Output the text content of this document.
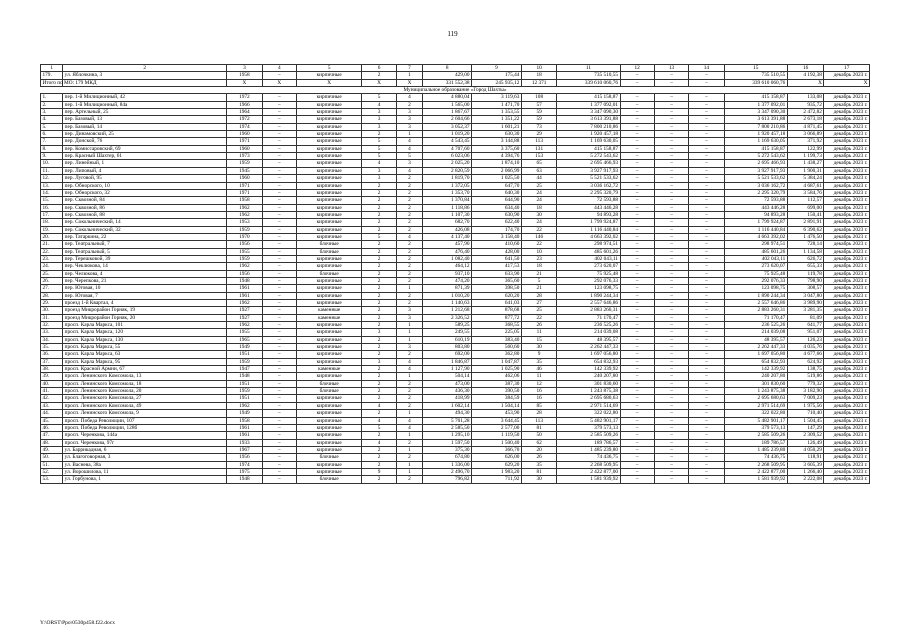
119
1	2	3	4	5	6	7	8	9	10	11	12	13	14	15	16	17
179.	ул. Яблочкина, 3	1958	–	кирпичные	2	1	429,00	175,44	18	735 510,55	–	–	–	735 510,55	4 192,38	декабрь 2023 г.
Итого по МО: 179 МКД		X	X	X	X	X	331 552,38	245 935,12	12 371	339 610 060,76	–	–	–	339 610 060,76	X	X
Муниципальное образование «Город Шахты»																
1.	пер. 1-й Милиционный, 42	1972	–	кирпичные	5	4	4 880,04	3 119,63	108	415 158,87	–	–	–	415 158,87	133,08	декабрь 2023 г.
2.	пер. 1-й Милиционный, 84а	1966	–	кирпичные	4	2	1 565,00	1 471,70	57	1 377 092,01	–	–	–	1 377 092,01	935,72	декабрь 2023 г.
3.	пер. Артельный, 25	1964	–	кирпичные	3	3	1 867,67	1 353,55	59	3 347 090,30	–	–	–	3 347 090,30	2 472,82	декабрь 2023 г.
4.	пер. Базовый, 13	1972	–	кирпичные	3	3	2 604,66	1 351,22	59	3 613 391,88	–	–	–	3 613 391,88	2 673,18	декабрь 2023 г.
5.	пер. Базовый, 14	1974	–	кирпичные	3	3	3 052,37	1 601,21	73	7 800 210,86	–	–	–	7 800 210,86	4 871,45	декабрь 2023 г.
6.	пер. Динамовский, 25	1960	–	кирпичные	2	1	1 019,20	630,30	29	1 920 457,18	–	–	–	1 920 457,18	3 066,89	декабрь 2023 г.
7.	пер. Донской, 76	1971	–	кирпичные	5	4	4 543,45	3 144,88	113	1 169 630,05	–	–	–	1 169 630,05	371,92	декабрь 2023 г.
8.	пер. Комиссаровский, 69	1960	–	кирпичные	5	4	4 707,60	3 375,60	131	415 158,87	–	–	–	415 158,87	122,99	декабрь 2023 г.
9.	пер. Красный Шахтер, 61	1973	–	кирпичные	5	5	6 023,06	4 394,76	153	5 272 543,62	–	–	–	5 272 543,62	1 199,73	декабрь 2023 г.
10.	пер. Линейный, 1	1959	–	кирпичные	4	3	2 025,20	1 874,10	65	2 695 466,93	–	–	–	2 695 466,93	1 438,27	декабрь 2023 г.
11.	пер. Липовый, 4	1945	–	кирпичные	3	4	2 820,59	2 066,99	63	3 927 917,93	–	–	–	3 927 917,93	1 900,31	декабрь 2023 г.
12.	пер. Луговой, 95	1960	–	кирпичные	3	2	1 819,70	1 025,50	44	5 521 533,62	–	–	–	5 521 533,62	5 384,24	декабрь 2023 г.
13.	пер. Обнорского, 10	1971	–	кирпичные	2	2	1 372,05	647,70	25	3 036 162,72	–	–	–	3 036 162,72	4 687,61	декабрь 2023 г.
14.	пер. Обнорского, 32	1971	–	кирпичные	2	2	1 353,70	640,30	24	2 295 320,79	–	–	–	2 295 320,79	3 584,76	декабрь 2023 г.
15.	пер. Сквозной, 84	1958	–	кирпичные	2	2	1 370,84	644,90	24	72 593,88	–	–	–	72 593,88	112,57	декабрь 2023 г.
16.	пер. Сквозной, 86	1962	–	кирпичные	2	2	1 118,86	634,40	18	443 446,28	–	–	–	443 446,28	699,00	декабрь 2023 г.
17.	пер. Сквозной, 88	1962	–	кирпичные	2	2	1 107,30	630,90	30	94 893,28	–	–	–	94 893,28	150,41	декабрь 2023 г.
18.	пер. Сокольнический, 14	1953	–	кирпичные	2	2	682,70	622,40	24	1 799 924,87	–	–	–	1 799 924,87	2 891,91	декабрь 2023 г.
19.	пер. Сокольнический, 32	1959	–	кирпичные	2	2	426,08	174,70	22	1 116 440,84	–	–	–	1 116 440,84	6 390,62	декабрь 2023 г.
20.	пер. Татаркина, 22	1970	–	кирпичные	5	4	4 137,40	3 158,40	146	4 663 392,02	–	–	–	4 663 392,02	1 476,50	декабрь 2023 г.
21.	пер. Театральный, 7	1956	–	блочные	2	2	457,90	410,60	22	298 974,51	–	–	–	298 974,51	728,14	декабрь 2023 г.
22.	пер. Театральный, 5	1955	–	блочные	2	2	476,40	428,00	10	485 601,26	–	–	–	485 601,26	1 134,58	декабрь 2023 г.
23.	пер. Терешковой, 39	1959	–	кирпичные	2	2	1 082,40	641,50	23	402 043,11	–	–	–	402 043,11	626,72	декабрь 2023 г.
24.	пер. Чеклюкова, 14	1962	–	кирпичные	2	2	464,12	417,53	18	273 620,07	–	–	–	273 620,07	655,33	декабрь 2023 г.
25.	пер. Челюкова, 4	1956	–	блочные	2	2	937,10	633,90	21	75 925,48	–	–	–	75 925,48	119,78	декабрь 2023 г.
26.	пер. Черепкова, 21	1948	–	кирпичные	2	2	474,20	365,60	5	292 076,33	–	–	–	292 076,33	798,90	декабрь 2023 г.
27.	пер. Юговая, 10	1961	–	кирпичные	2	1	871,39	398,50	21	123 098,75	–	–	–	123 098,75	308,57	декабрь 2023 г.
28.	пер. Юговая, 7	1961	–	кирпичные	2	2	1 010,20	620,20	28	1 890 244,34	–	–	–	1 890 244,34	3 047,80	декабрь 2023 г.
29.	проезд 1-й Квартал, 4	1962	–	кирпичные	2	2	1 140,63	641,03	27	2 557 646,86	–	–	–	2 557 646,86	3 989,90	декабрь 2023 г.
30.	проезд Микрорайон Горняк, 19	1927	–	каменные	2	3	1 212,68	878,68	25	2 883 260,31	–	–	–	2 883 260,31	3 281,35	декабрь 2023 г.
31.	проезд Микрорайон Горняк, 20	1927	–	каменные	2	3	2 326,52	877,72	22	71 170,47	–	–	–	71 170,47	81,09	декабрь 2023 г.
32.	просп. Карла Маркса, 101	1962	–	кирпичные	2	1	589,25	368,55	26	236 525,26	–	–	–	236 525,26	641,77	декабрь 2023 г.
33.	просп. Карла Маркса, 120	1955	–	кирпичные	3	1	249,55	225,05	11	214 039,08	–	–	–	214 039,08	951,07	декабрь 2023 г.
34.	просп. Карла Маркса, 130	1965	–	кирпичные	2	1	610,19	383,40	15	48 395,57	–	–	–	48 395,57	126,23	декабрь 2023 г.
35.	просп. Карла Маркса, 55	1949	–	кирпичные	2	3	803,80	560,60	30	2 262 447,33	–	–	–	2 262 447,33	4 035,76	декабрь 2023 г.
36.	просп. Карла Маркса, 63	1951	–	кирпичные	2	2	692,00	362,80	9	1 697 056,80	–	–	–	1 697 056,80	4 677,66	декабрь 2023 г.
37.	просп. Карла Маркса, 95	1959	–	кирпичные	3	4	1 846,87	1 047,87	35	654 832,93	–	–	–	654 832,93	624,92	декабрь 2023 г.
38.	просп. Красной Армии, 67	1947	–	каменные	2	4	1 127,90	1 025,90	46	142 339,92	–	–	–	142 339,92	138,75	декабрь 2023 г.
39.	просп. Ленинского Комсомола, 13	1948	–	кирпичные	2	1	504,14	462,06	11	240 207,80	–	–	–	240 207,80	519,86	декабрь 2023 г.
40.	просп. Ленинского Комсомола, 18	1951	–	блочные	2	2	473,00	387,30	12	301 830,60	–	–	–	301 830,60	779,32	декабрь 2023 г.
41.	просп. Ленинского Комсомола, 20	1959	–	блочные	2	2	436,30	390,50	16	1 243 875,38	–	–	–	1 243 875,38	3 182,90	декабрь 2023 г.
42.	просп. Ленинского Комсомола, 27	1951	–	кирпичные	2	2	418,99	384,59	16	2 695 680,63	–	–	–	2 695 680,63	7 009,23	декабрь 2023 г.
43.	просп. Ленинского Комсомола, 49	1962	–	кирпичные	4	2	1 602,14	1 504,14	85	2 971 514,69	–	–	–	2 971 514,69	1 975,56	декабрь 2023 г.
44.	просп. Ленинского Комсомола, 9	1949	–	кирпичные	2	1	494,30	453,90	28	322 022,80	–	–	–	322 022,80	710,40	декабрь 2023 г.
45.	просп. Победа Революции, 107	1958	–	кирпичные	4	4	5 701,28	3 644,45	113	5 482 901,17	–	–	–	5 482 901,17	1 504,45	декабрь 2023 г.
46.	просп. Победа Революции, 128б	1961	–	кирпичные	5	4	2 585,50	2 577,00	81	379 573,13	–	–	–	379 573,13	147,29	декабрь 2023 г.
47.	просп. Черенкова, 144а	1961	–	кирпичные	2	1	1 295,10	1 119,50	50	2 585 509,26	–	–	–	2 585 509,26	2 309,52	декабрь 2023 г.
48.	просп. Черенкова, 97г	1933	–	кирпичные	4	2	1 597,50	1 500,40	62	189 786,57	–	–	–	189 786,57	126,49	декабрь 2023 г.
49.	ул. Баррикадная, 6	1967	–	кирпичные	2	1	375,30	366,70	20	1 485 239,80	–	–	–	1 485 239,80	4 050,29	декабрь 2023 г.
50.	ул. Благоговорная, 3	1956	–	блочные	2	2	674,80	626,00	26	74 436,75	–	–	–	74 436,75	118,91	декабрь 2023 г.
51.	ул. Васнева, 38а	1974	–	кирпичные	2	1	1 336,00	629,20	35	2 268 509,95	–	–	–	2 268 509,95	3 605,39	декабрь 2023 г.
52.	ул. Ворошилова, 11	1975	–	кирпичные	9	1	2 496,70	1 983,20	81	2 422 877,00	–	–	–	2 422 877,00	1 266,40	декабрь 2023 г.
53.	ул. Горбунова, 1	1948	–	блочные	2	2	796,82	711,92	30	1 581 939,92	–	–	–	1 581 939,92	2 222,08	декабрь 2023 г.
Y:\ORST\Ppo\0530p458.f22.docx
